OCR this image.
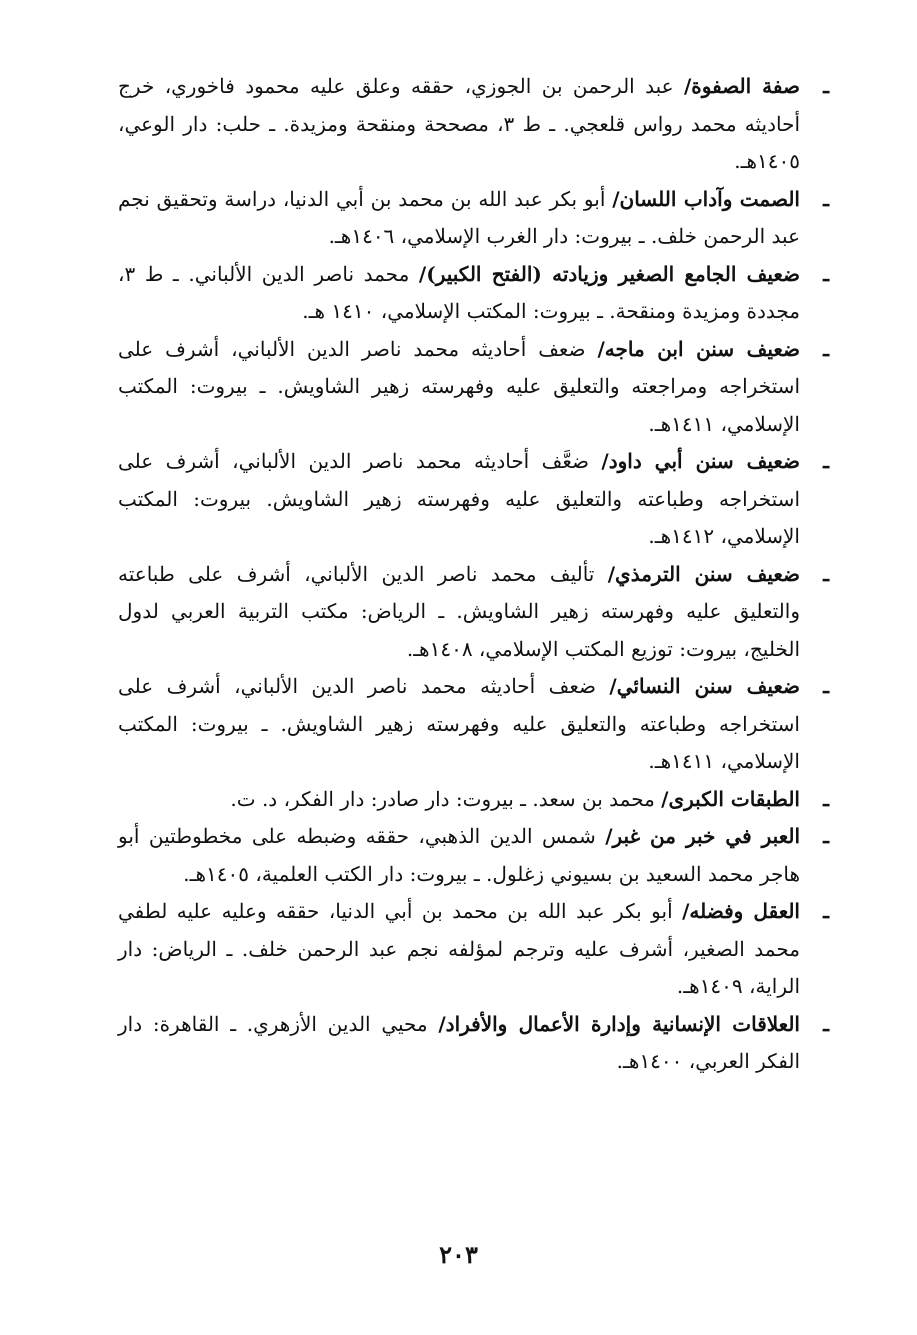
ـ
صفة الصفوة/ عبد الرحمن بن الجوزي، حققه وعلق عليه محمود فاخوري، خرج أحاديثه محمد رواس قلعجي. ـ ط ٣، مصححة ومنقحة ومزيدة. ـ حلب: دار الوعي، ١٤٠٥هـ.
ـ
الصمت وآداب اللسان/ أبو بكر عبد الله بن محمد بن أبي الدنيا، دراسة وتحقيق نجم عبد الرحمن خلف. ـ بيروت: دار الغرب الإسلامي، ١٤٠٦هـ.
ـ
ضعيف الجامع الصغير وزيادته (الفتح الكبير)/ محمد ناصر الدين الألباني. ـ ط ٣، مجددة ومزيدة ومنقحة. ـ بيروت: المكتب الإسلامي، ١٤١٠ هـ.
ـ
ضعيف سنن ابن ماجه/ ضعف أحاديثه محمد ناصر الدين الألباني، أشرف على استخراجه ومراجعته والتعليق عليه وفهرسته زهير الشاويش. ـ بيروت: المكتب الإسلامي، ١٤١١هـ.
ـ
ضعيف سنن أبي داود/ ضعَّف أحاديثه محمد ناصر الدين الألباني، أشرف على استخراجه وطباعته والتعليق عليه وفهرسته زهير الشاويش. بيروت: المكتب الإسلامي، ١٤١٢هـ.
ـ
ضعيف سنن الترمذي/ تأليف محمد ناصر الدين الألباني، أشرف على طباعته والتعليق عليه وفهرسته زهير الشاويش. ـ الرياض: مكتب التربية العربي لدول الخليج، بيروت: توزيع المكتب الإسلامي، ١٤٠٨هـ.
ـ
ضعيف سنن النسائي/ ضعف أحاديثه محمد ناصر الدين الألباني، أشرف على استخراجه وطباعته والتعليق عليه وفهرسته زهير الشاويش. ـ بيروت: المكتب الإسلامي، ١٤١١هـ.
ـ
الطبقات الكبرى/ محمد بن سعد. ـ بيروت: دار صادر: دار الفكر، د. ت.
ـ
العبر في خبر من غبر/ شمس الدين الذهبي، حققه وضبطه على مخطوطتين أبو هاجر محمد السعيد بن بسيوني زغلول. ـ بيروت: دار الكتب العلمية، ١٤٠٥هـ.
ـ
العقل وفضله/ أبو بكر عبد الله بن محمد بن أبي الدنيا، حققه وعليه عليه لطفي محمد الصغير، أشرف عليه وترجم لمؤلفه نجم عبد الرحمن خلف. ـ الرياض: دار الراية، ١٤٠٩هـ.
ـ
العلاقات الإنسانية وإدارة الأعمال والأفراد/ محيي الدين الأزهري. ـ القاهرة: دار الفكر العربي، ١٤٠٠هـ.
٢٠٣
